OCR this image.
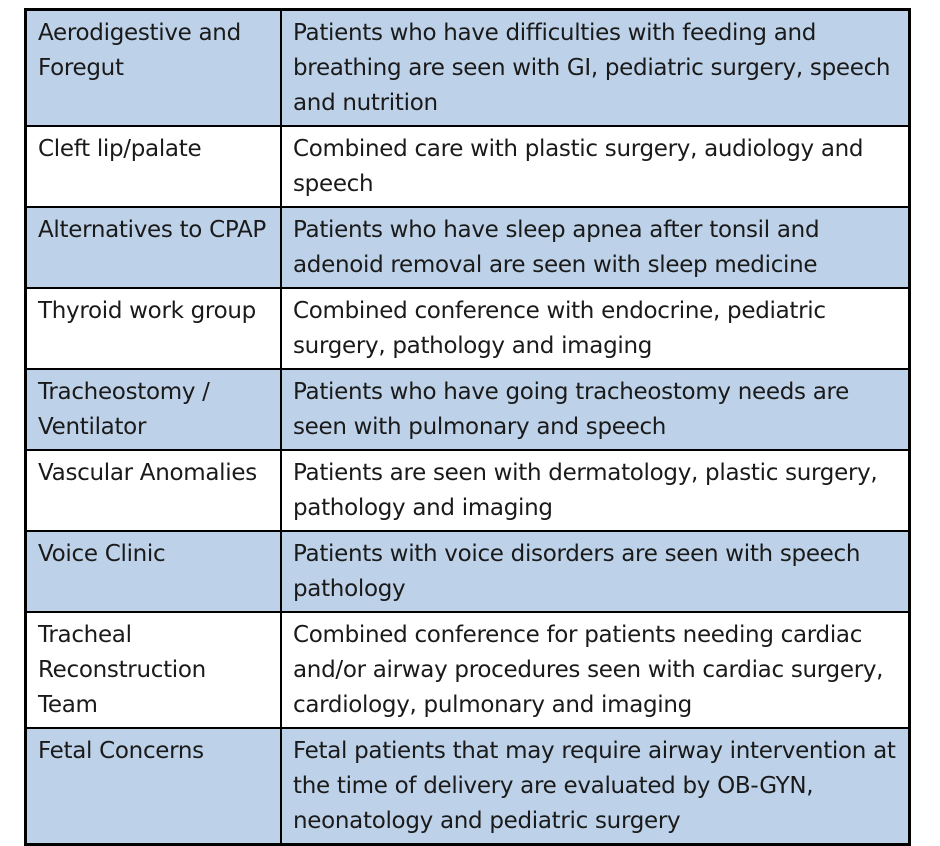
Aerodigestive and Foregut	Patients who have difficulties with feeding and breathing are seen with GI, pediatric surgery, speech and nutrition
Cleft lip/palate	Combined care with plastic surgery, audiology and speech
Alternatives to CPAP	Patients who have sleep apnea after tonsil and adenoid removal are seen with sleep medicine
Thyroid work group	Combined conference with endocrine, pediatric surgery, pathology and imaging
Tracheostomy / Ventilator	Patients who have going tracheostomy needs are seen with pulmonary and speech
Vascular Anomalies	Patients are seen with dermatology, plastic surgery, pathology and imaging
Voice Clinic	Patients with voice disorders are seen with speech pathology
Tracheal Reconstruction Team	Combined conference for patients needing cardiac and/or airway procedures seen with cardiac surgery, cardiology, pulmonary and imaging
Fetal Concerns	Fetal patients that may require airway intervention at the time of delivery are evaluated by OB-GYN, neonatology and pediatric surgery
